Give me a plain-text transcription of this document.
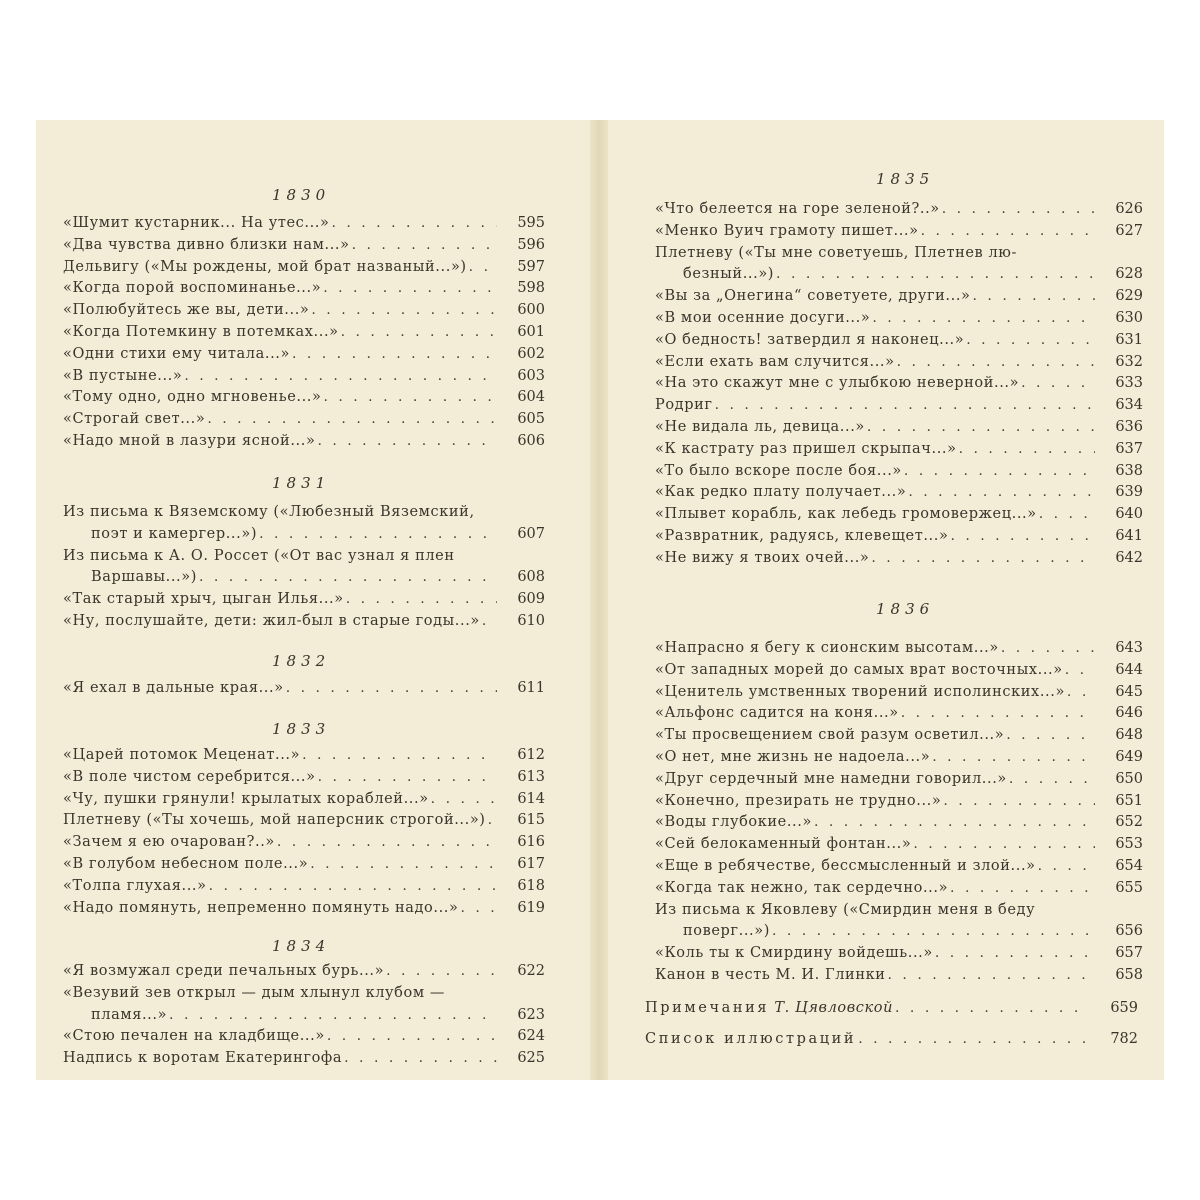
1830
«Шумит кустарник... На утес...» . . .	595
«Два чувства дивно близки нам...» . . .	596
Дельвигу («Мы рождены, мой брат названый...») . . .	597
«Когда порой воспоминанье...» . . .	598
«Полюбуйтесь же вы, дети...» . . .	600
«Когда Потемкину в потемках...» . . .	601
«Одни стихи ему читала...» . . .	602
«В пустыне...» . . .	603
«Тому одно, одно мгновенье...» . . .	604
«Строгай свет...» . . .	605
«Надо мной в лазури ясной...» . . .	606
1831
Из письма к Вяземскому («Любезный Вяземский,
поэт и камергер...») . . .	607
Из письма к А. О. Россет («От вас узнал я плен
Варшавы...») . . .	608
«Так старый хрыч, цыган Илья...» . . .	609
«Ну, послушайте, дети: жил-был в старые годы...» . . .	610
1832
«Я ехал в дальные края...» . . .	611
1833
«Царей потомок Меценат...» . . .	612
«В поле чистом серебрится...» . . .	613
«Чу, пушки грянули! крылатых кораблей...» . . .	614
Плетневу («Ты хочешь, мой наперсник строгой...») . . .	615
«Зачем я ею очарован?..» . . .	616
«В голубом небесном поле...» . . .	617
«Толпа глухая...» . . .	618
«Надо помянуть, непременно помянуть надо...» . . .	619
1834
«Я возмужал среди печальных бурь...» . . .	622
«Везувий зев открыл — дым хлынул клубом —
пламя...» . . .	623
«Стою печален на кладбище...» . . .	624
Надпись к воротам Екатерингофа . . .	625
1835
«Что белеется на горе зеленой?..» . . .	626
«Менко Вуич грамоту пишет...» . . .	627
Плетневу («Ты мне советуешь, Плетнев лю-
безный...») . . .	628
«Вы за „Онегина“ советуете, други...» . . .	629
«В мои осенние досуги...» . . .	630
«О бедность! затвердил я наконец...» . . .	631
«Если ехать вам случится...» . . .	632
«На это скажут мне с улыбкою неверной...» . . .	633
Родриг . . .	634
«Не видала ль, девица...» . . .	636
«К кастрату раз пришел скрыпач...» . . .	637
«То было вскоре после боя...» . . .	638
«Как редко плату получает...» . . .	639
«Плывет корабль, как лебедь громовержец...» . . .	640
«Развратник, радуясь, клевещет...» . . .	641
«Не вижу я твоих очей...» . . .	642
1836
«Напрасно я бегу к сионским высотам...» . . .	643
«От западных морей до самых врат восточных...» . . .	644
«Ценитель умственных творений исполинских...» . . .	645
«Альфонс садится на коня...» . . .	646
«Ты просвещением свой разум осветил...» . . .	648
«О нет, мне жизнь не надоела...» . . .	649
«Друг сердечный мне намедни говорил...» . . .	650
«Конечно, презирать не трудно...» . . .	651
«Воды глубокие...» . . .	652
«Сей белокаменный фонтан...» . . .	653
«Еще в ребячестве, бессмысленный и злой...» . . .	654
«Когда так нежно, так сердечно...» . . .	655
Из письма к Яковлеву («Смирдин меня в беду
поверг...») . . .	656
«Коль ты к Смирдину войдешь...» . . .	657
Канон в честь М. И. Глинки . . .	658
Примечания Т. Цявловской . . .	659
Список иллюстраций . . .	782
